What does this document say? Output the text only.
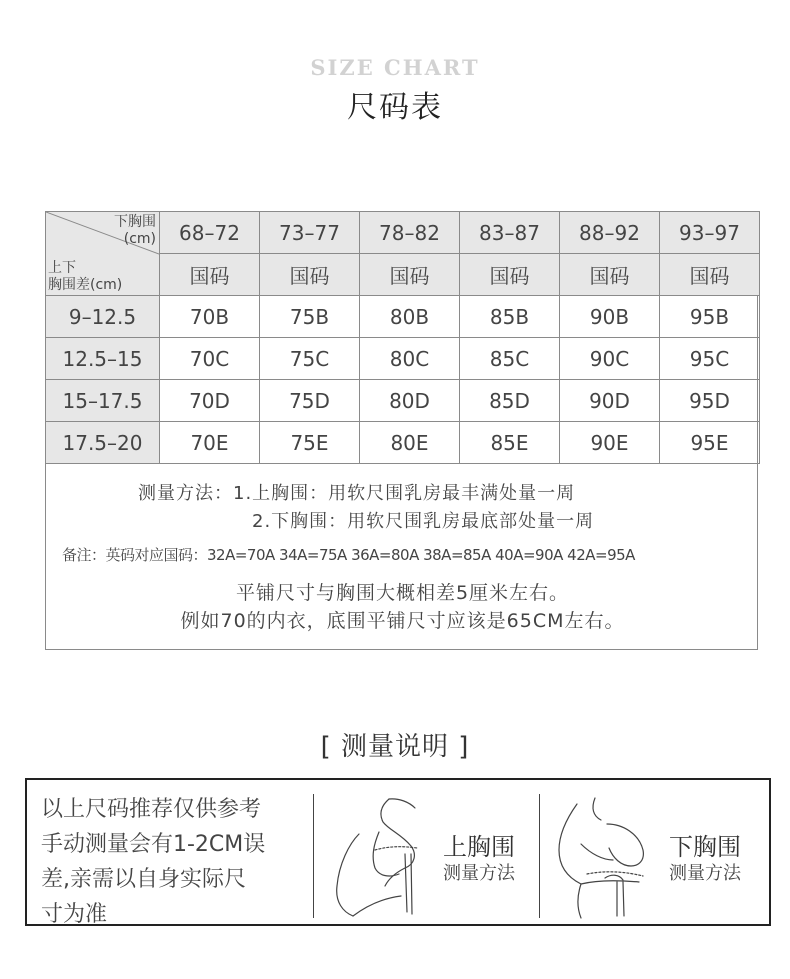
SIZE CHART
尺码表
下胸围
(cm)
上下
胸围差(cm)	68–72	73–77	78–82	83–87	88–92	93–97
	国码	国码	国码	国码	国码	国码
9–12.5	70B	75B	80B	85B	90B	95B
12.5–15	70C	75C	80C	85C	90C	95C
15–17.5	70D	75D	80D	85D	90D	95D
17.5–20	70E	75E	80E	85E	90E	95E
测量方法：1.上胸围：用软尺围乳房最丰满处量一周
2.下胸围：用软尺围乳房最底部处量一周
备注：英码对应国码：32A=70A 34A=75A 36A=80A 38A=85A 40A=90A 42A=95A
平铺尺寸与胸围大概相差5厘米左右。
例如70的内衣，底围平铺尺寸应该是65CM左右。
[ 测量说明 ]
以上尺码推荐仅供参考
手动测量会有1-2CM误
差,亲需以自身实际尺
寸为准
上胸围
测量方法
下胸围
测量方法
